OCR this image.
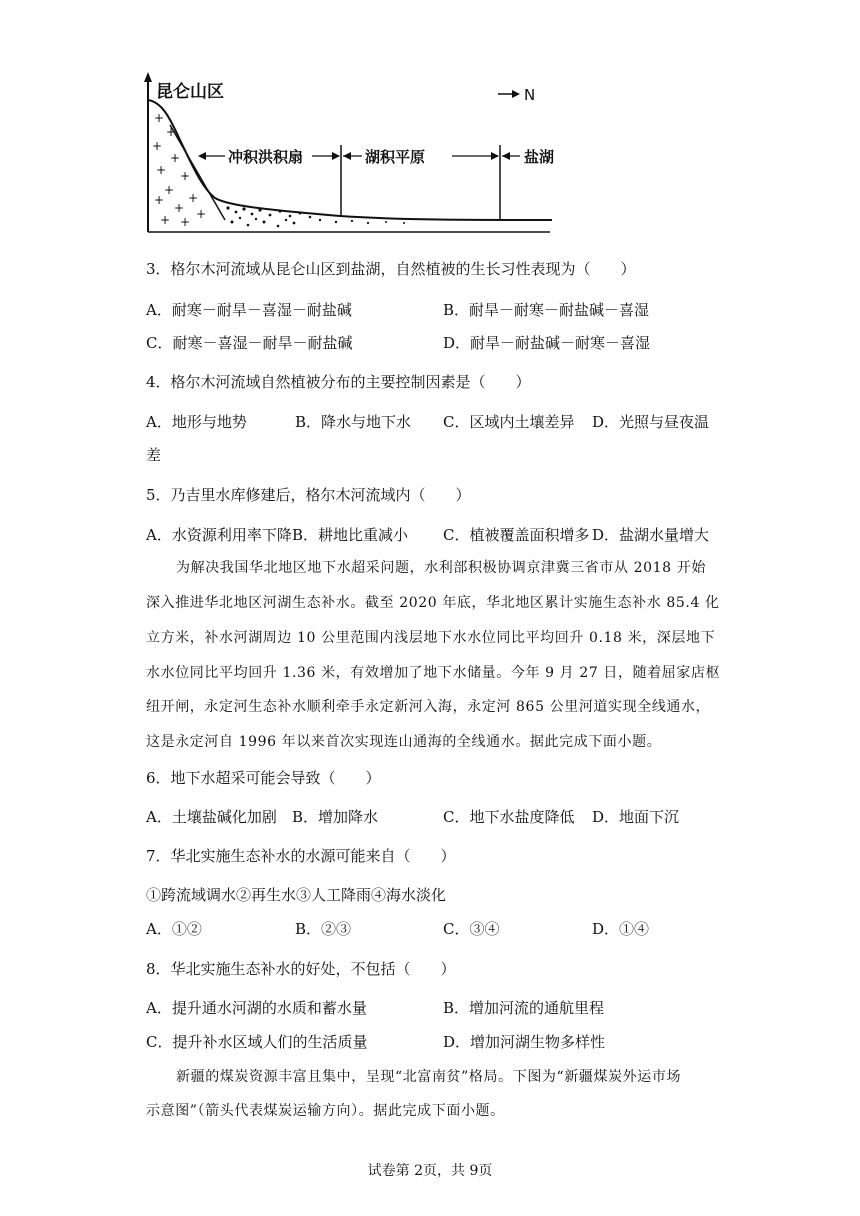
+
+
+
+
+ +
+
+
+
+
+
+
+
昆仑山区	N
冲积洪积扇	湖积平原	盐湖
3．格尔木河流域从昆仑山区到盐湖，自然植被的生长习性表现为（　　）
A．耐寒－耐旱－喜湿－耐盐碱	B．耐旱－耐寒－耐盐碱－喜湿
C．耐寒－喜湿－耐旱－耐盐碱	D．耐旱－耐盐碱－耐寒－喜湿
4．格尔木河流域自然植被分布的主要控制因素是（　　）
A．地形与地势	B．降水与地下水 C．区域内土壤差异 D．光照与昼夜温
差
5．乃吉里水库修建后，格尔木河流域内（　　）
A．水资源利用率下降 B．耕地比重减小 C．植被覆盖面积增多 D．盐湖水量增大
为解决我国华北地区地下水超采问题，水利部积极协调京津冀三省市从 2018 开始
深入推进华北地区河湖生态补水。截至 2020 年底，华北地区累计实施生态补水 85.4 化
立方米，补水河湖周边 10 公里范围内浅层地下水水位同比平均回升 0.18 米，深层地下
水水位同比平均回升 1.36 米，有效增加了地下水储量。今年 9 月 27 日，随着屈家店枢
纽开闸，永定河生态补水顺利牵手永定新河入海，永定河 865 公里河道实现全线通水，
这是永定河自 1996 年以来首次实现连山通海的全线通水。据此完成下面小题。
6．地下水超采可能会导致（　　）
A．土壤盐碱化加剧 B．增加降水	C．地下水盐度降低 D．地面下沉
7．华北实施生态补水的水源可能来自（　　）
①跨流域调水②再生水③人工降雨④海水淡化
A．①②	B．②③	C．③④	D．①④
8．华北实施生态补水的好处，不包括（　　）
A．提升通水河湖的水质和蓄水量	B．增加河流的通航里程
C．提升补水区域人们的生活质量	D．增加河湖生物多样性
新疆的煤炭资源丰富且集中，呈现“北富南贫”格局。下图为“新疆煤炭外运市场
示意图”（箭头代表煤炭运输方向）。据此完成下面小题。
试卷第 2页，共 9页
